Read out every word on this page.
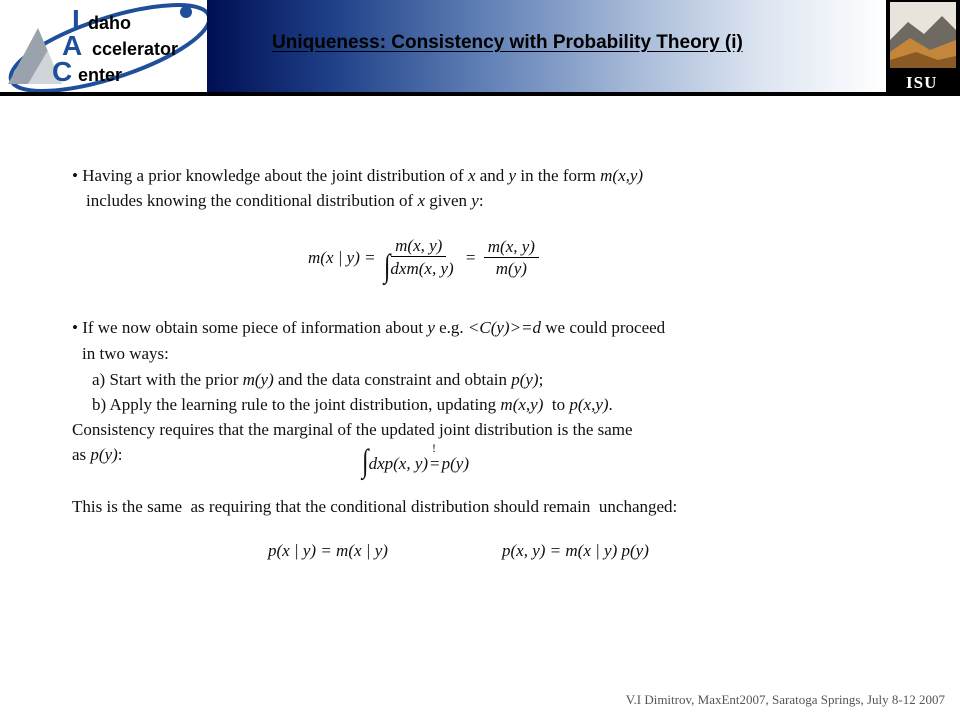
I daho
A ccelerator
C enter	ISU
Uniqueness: Consistency with Probability Theory (i)
• Having a prior knowledge about the joint distribution of x and y in the form m(x,y)
includes knowing the conditional distribution of x given y:
m(x | $y) = \frac{m(x, y)}{\text{∫dxm(x, y)}} = \frac{m(x, y)}{m(y)}$
• If we now obtain some piece of information about y e.g. <C(y)>=d we could proceed
in two ways:
a) Start with the prior m(y) and the data constraint and obtain p(y);
b) Apply the learning rule to the joint distribution, updating m(x,y)  to p(x,y).
Consistency requires that the marginal of the updated joint distribution is the same
as p(y):	∫dxp(x, y)
!
= p(y)
This is the same  as requiring that the conditional distribution should remain  unchanged:
p(x | y) = m(x | y)	p(x, y) = m(x | y) p(y)
V.I Dimitrov, MaxEnt2007, Saratoga Springs, July 8-12 2007
